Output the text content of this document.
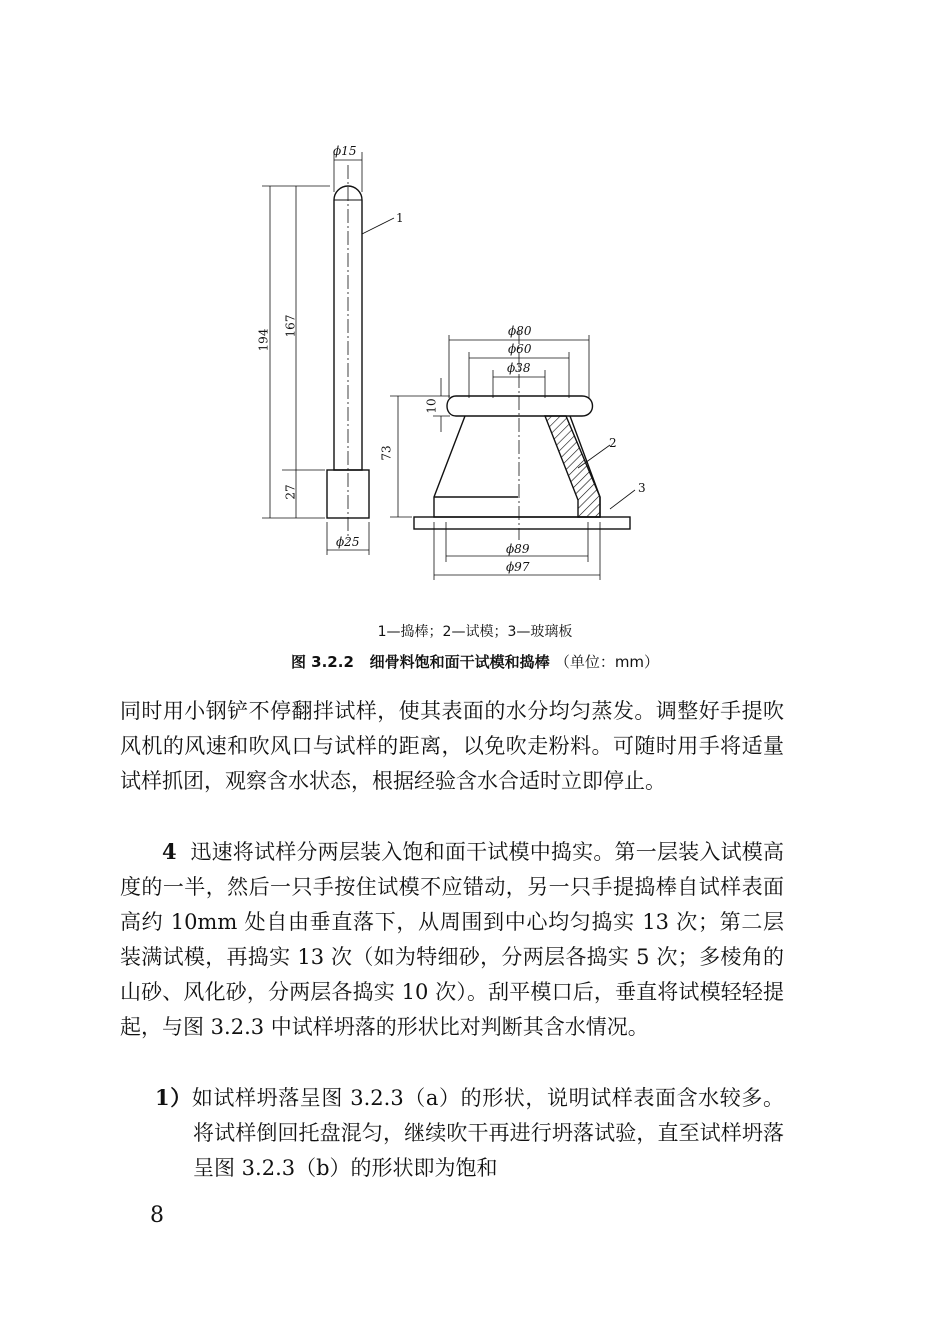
ϕ15
1
194
167
27
ϕ25
ϕ80
ϕ60
ϕ38
10
73
2
3
ϕ89
ϕ97
1—捣棒；2—试模；3—玻璃板
图 3.2.2 细骨料饱和面干试模和捣棒 （单位：mm）

同时用小钢铲不停翻拌试样，使其表面的水分均匀蒸发。调整好手提吹风机的风速和吹风口与试样的距离，以免吹走粉料。可随时用手将适量试样抓团，观察含水状态，根据经验含水合适时立即停止。

4 迅速将试样分两层装入饱和面干试模中捣实。第一层装入试模高度的一半，然后一只手按住试模不应错动，另一只手提捣棒自试样表面高约 10mm 处自由垂直落下，从周围到中心均匀捣实 13 次；第二层装满试模，再捣实 13 次（如为特细砂，分两层各捣实 5 次；多棱角的山砂、风化砂，分两层各捣实 10 次）。刮平模口后，垂直将试模轻轻提起，与图 3.2.3 中试样坍落的形状比对判断其含水情况。

1）如试样坍落呈图 3.2.3（a）的形状，说明试样表面含水较多。将试样倒回托盘混匀，继续吹干再进行坍落试验，直至试样坍落呈图 3.2.3（b）的形状即为饱和

8
